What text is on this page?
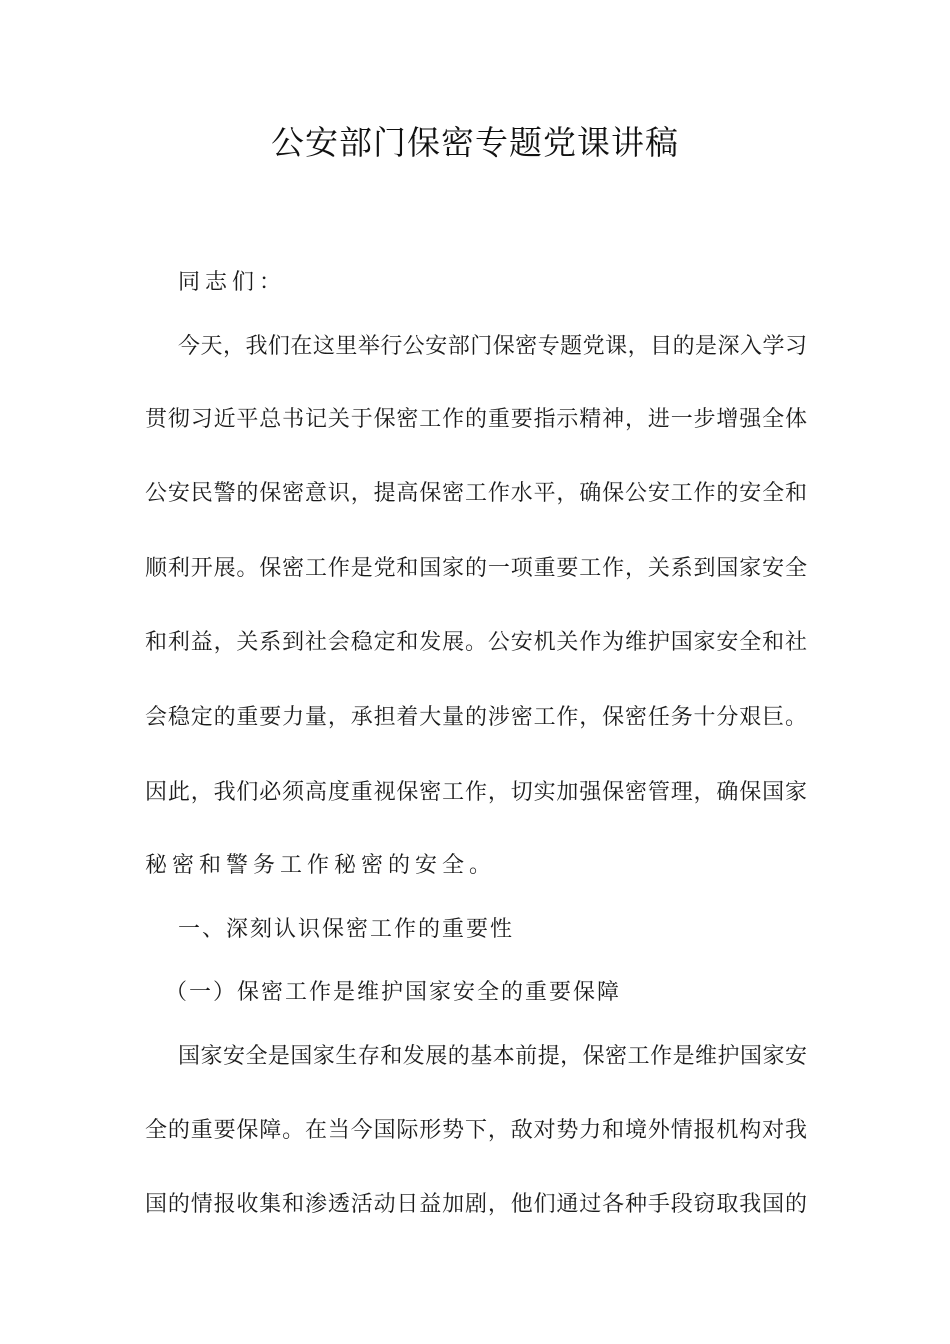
公安部门保密专题党课讲稿
同志们：
今天，我们在这里举行公安部门保密专题党课，目的是深入学习
贯彻习近平总书记关于保密工作的重要指示精神，进一步增强全体
公安民警的保密意识，提高保密工作水平，确保公安工作的安全和
顺利开展。保密工作是党和国家的一项重要工作，关系到国家安全
和利益，关系到社会稳定和发展。公安机关作为维护国家安全和社
会稳定的重要力量，承担着大量的涉密工作，保密任务十分艰巨。
因此，我们必须高度重视保密工作，切实加强保密管理，确保国家
秘密和警务工作秘密的安全。
一、深刻认识保密工作的重要性
（一）保密工作是维护国家安全的重要保障
国家安全是国家生存和发展的基本前提，保密工作是维护国家安
全的重要保障。在当今国际形势下，敌对势力和境外情报机构对我
国的情报收集和渗透活动日益加剧，他们通过各种手段窃取我国的
